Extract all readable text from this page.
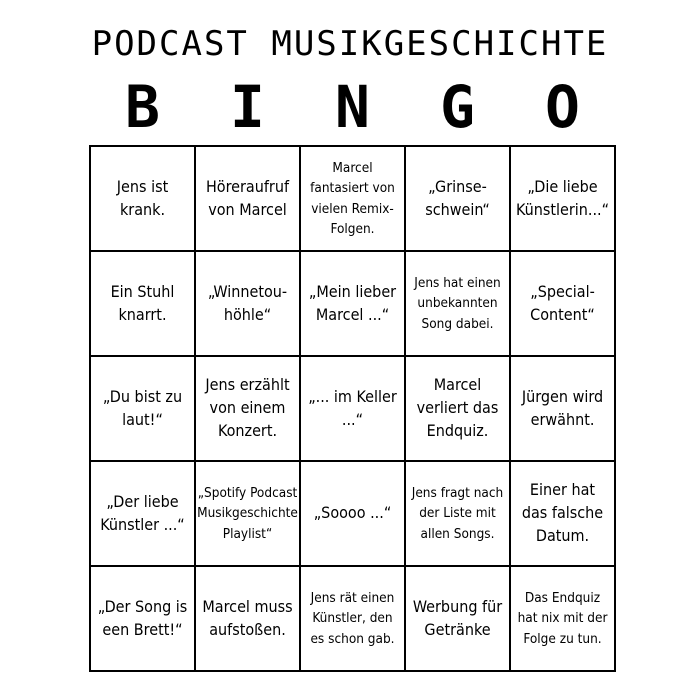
PODCAST MUSIKGESCHICHTE
B	I	N	G	O
Jens ist krank.
Höreraufruf von Marcel
Marcel fantasiert von vielen Remix-Folgen.
„Grinse-schwein“
„Die liebe Künstlerin...“
Ein Stuhl knarrt.
„Winnetou-höhle“
„Mein lieber Marcel ...“
Jens hat einen unbekannten Song dabei.
„Special-Content“
„Du bist zu laut!“
Jens erzählt von einem Konzert.
„... im Keller ...“
Marcel verliert das Endquiz.
Jürgen wird erwähnt.
„Der liebe Künstler ...“
„Spotify Podcast Musikgeschichte Playlist“
„Soooo ...“
Jens fragt nach der Liste mit allen Songs.
Einer hat das falsche Datum.
„Der Song is een Brett!“
Marcel muss aufstoßen.
Jens rät einen Künstler, den es schon gab.
Werbung für Getränke
Das Endquiz hat nix mit der Folge zu tun.
